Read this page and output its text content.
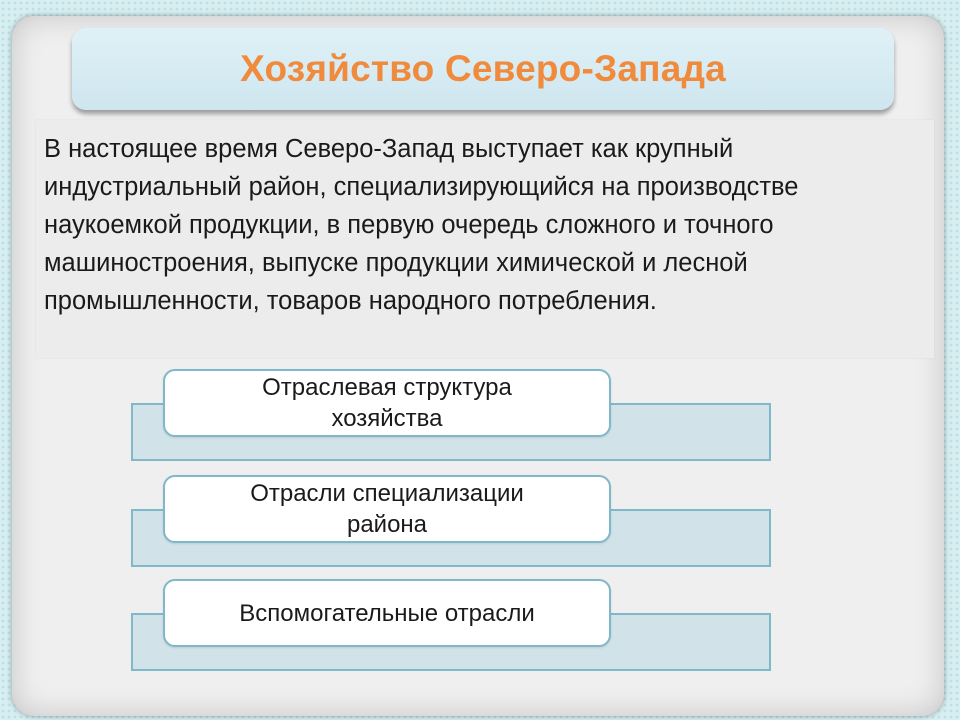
Хозяйство Северо-Запада

В настоящее время Северо-Запад выступает как крупный индустриальный район, специализирующийся на производстве наукоемкой продукции, в первую очередь сложного и точного машиностроения, выпуске продукции химической и лесной промышленности, товаров народного потребления.

Отраслевая структура хозяйства
Отрасли специализации района
Вспомогательные отрасли
